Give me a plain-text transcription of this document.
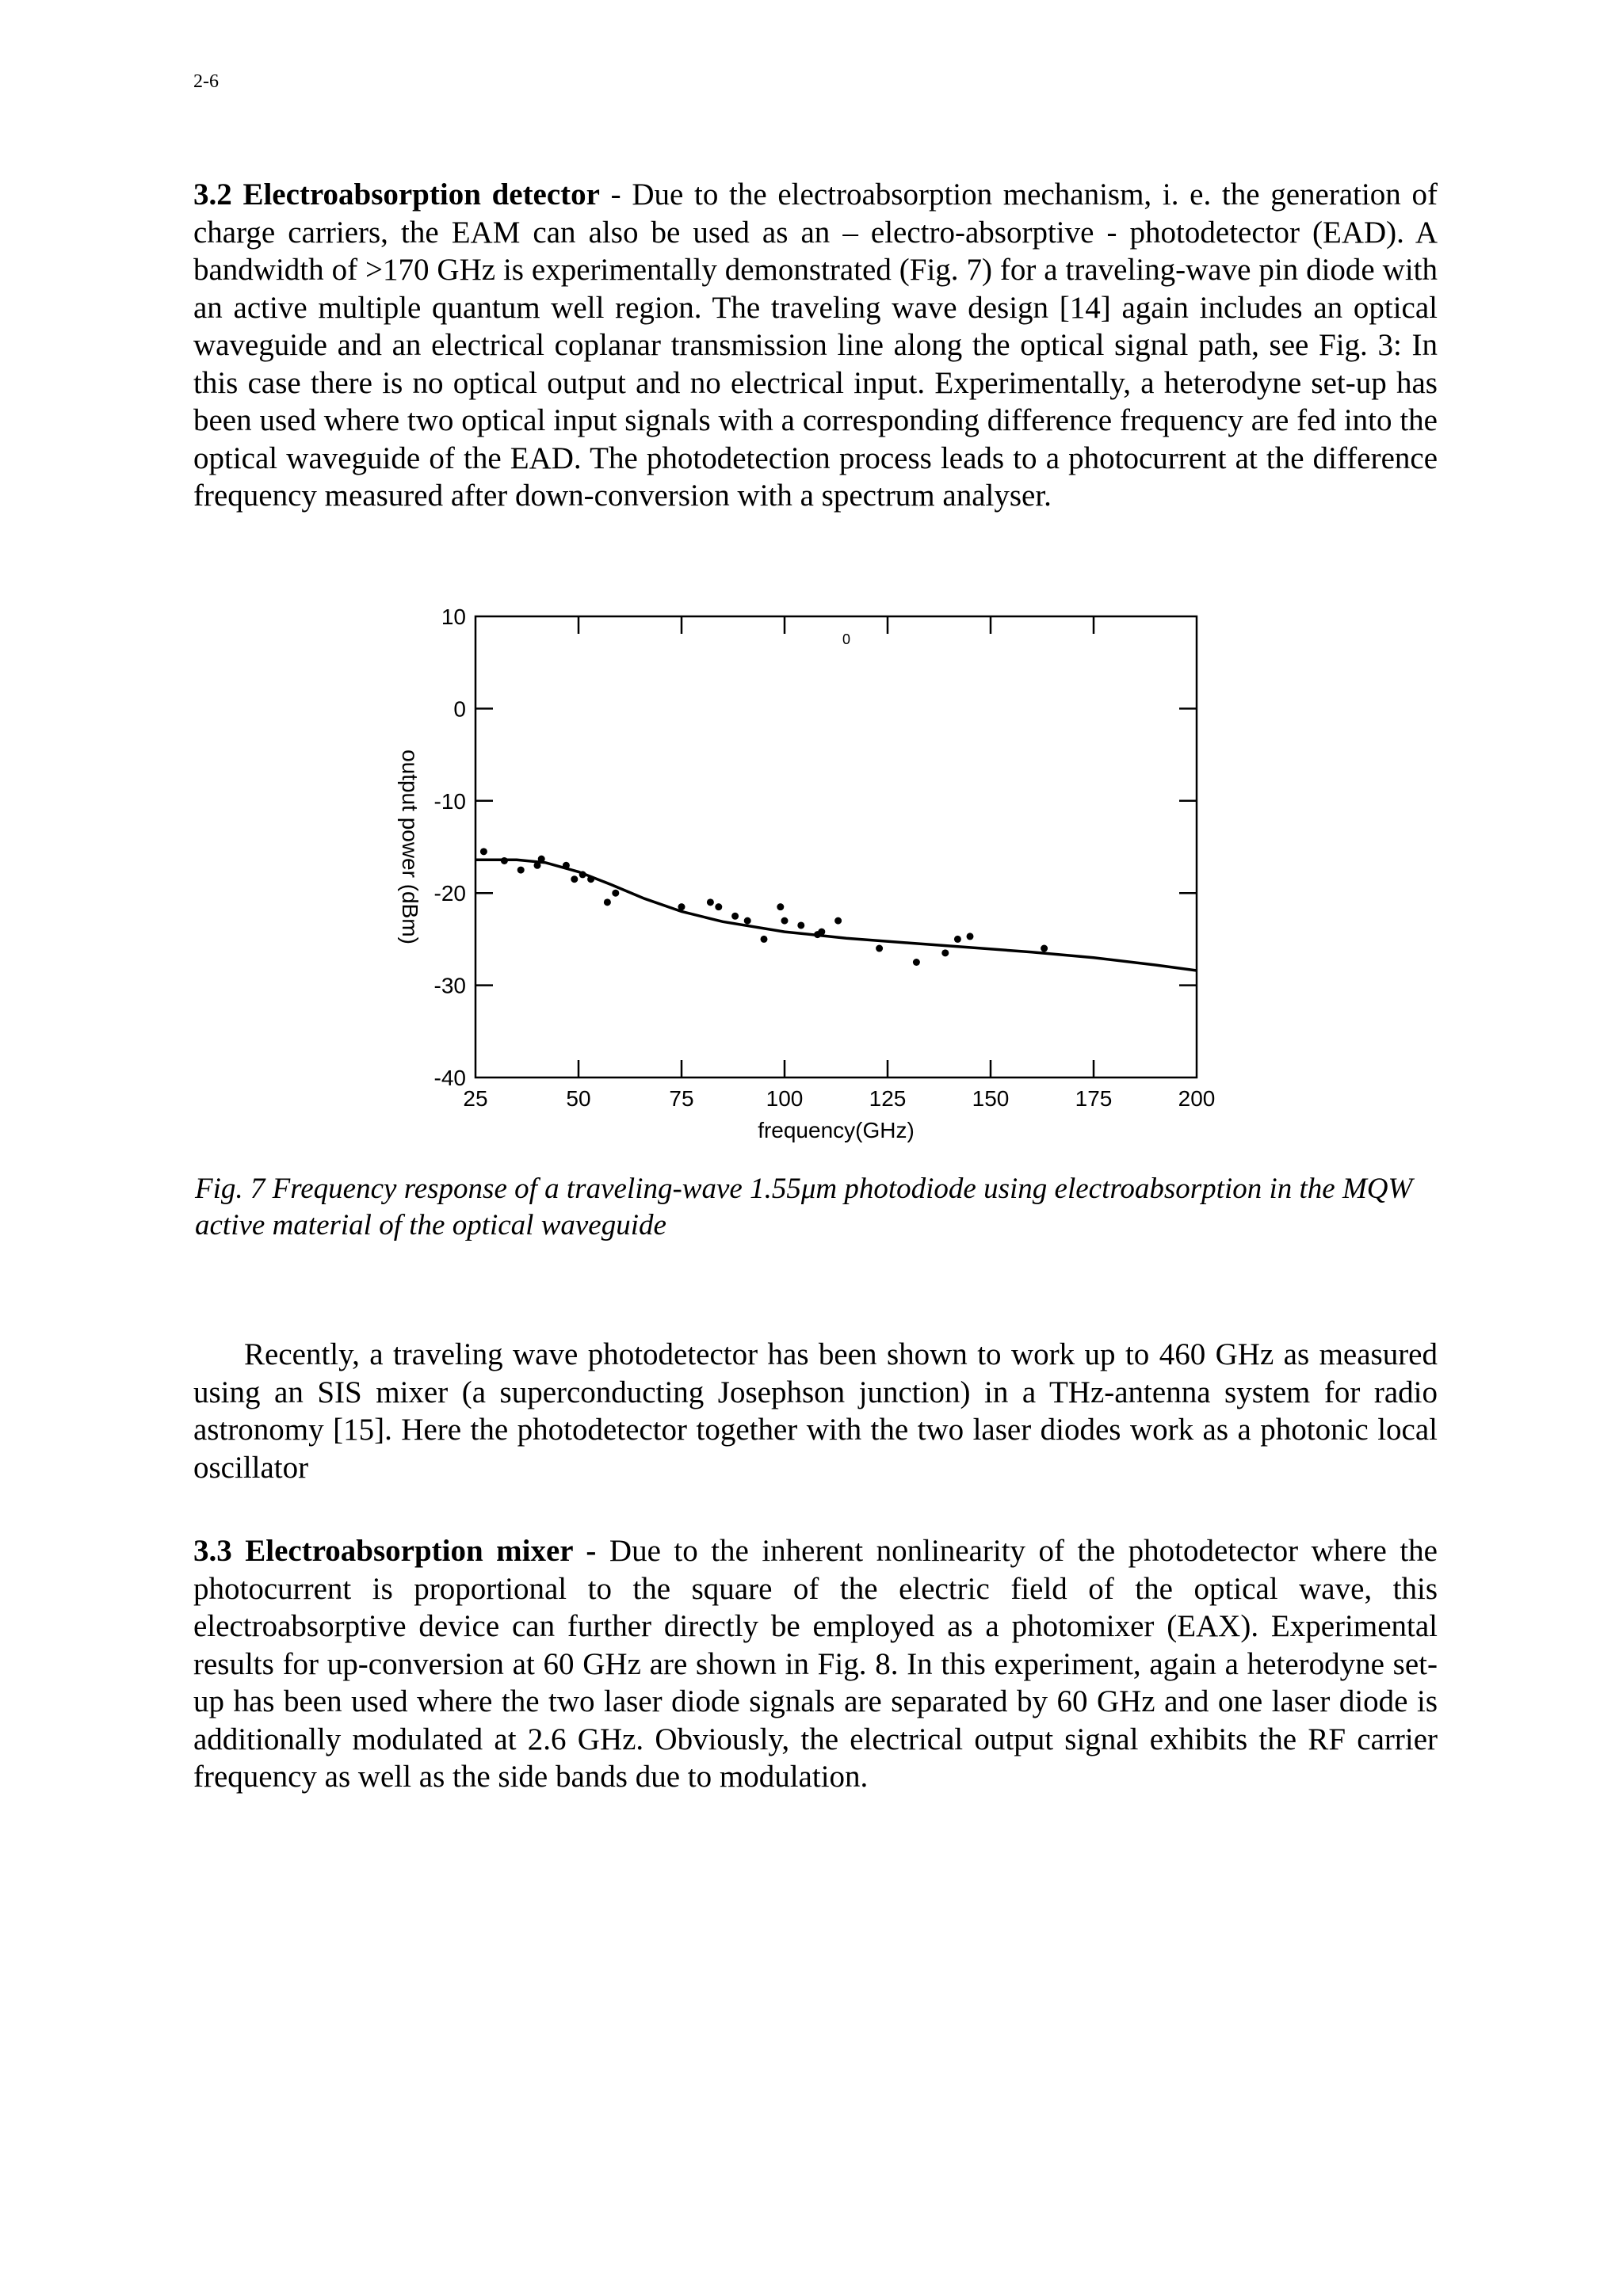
2-6

3.2 Electroabsorption detector - Due to the electroabsorption mechanism, i. e. the generation of charge carriers, the EAM can also be used as an – electro-absorptive - photodetector (EAD). A bandwidth of >170 GHz is experimentally demonstrated (Fig. 7) for a traveling-wave pin diode with an active multiple quantum well region. The traveling wave design [14] again includes an optical waveguide and an electrical coplanar transmission line along the optical signal path, see Fig. 3: In this case there is no optical output and no electrical input. Experimentally, a heterodyne set-up has been used where two optical input signals with a corresponding difference frequency are fed into the optical waveguide of the EAD. The photodetection process leads to a photocurrent at the difference frequency measured after down-conversion with a spectrum analyser.

25	50	75	100	125	150	175	200
-40
-30
-20
-10
0
10
0
frequency(GHz)
output power (dBm)

Fig. 7 Frequency response of a traveling-wave 1.55μm photodiode using electroabsorption in the MQW active material of the optical waveguide

Recently, a traveling wave photodetector has been shown to work up to 460 GHz as measured using an SIS mixer (a superconducting Josephson junction) in a THz-antenna system for radio astronomy [15]. Here the photodetector together with the two laser diodes work as a photonic local oscillator

3.3 Electroabsorption mixer - Due to the inherent nonlinearity of the photodetector where the photocurrent is proportional to the square of the electric field of the optical wave, this electroabsorptive device can further directly be employed as a photomixer (EAX). Experimental results for up-conversion at 60 GHz are shown in Fig. 8. In this experiment, again a heterodyne set-up has been used where the two laser diode signals are separated by 60 GHz and one laser diode is additionally modulated at 2.6 GHz. Obviously, the electrical output signal exhibits the RF carrier frequency as well as the side bands due to modulation.
